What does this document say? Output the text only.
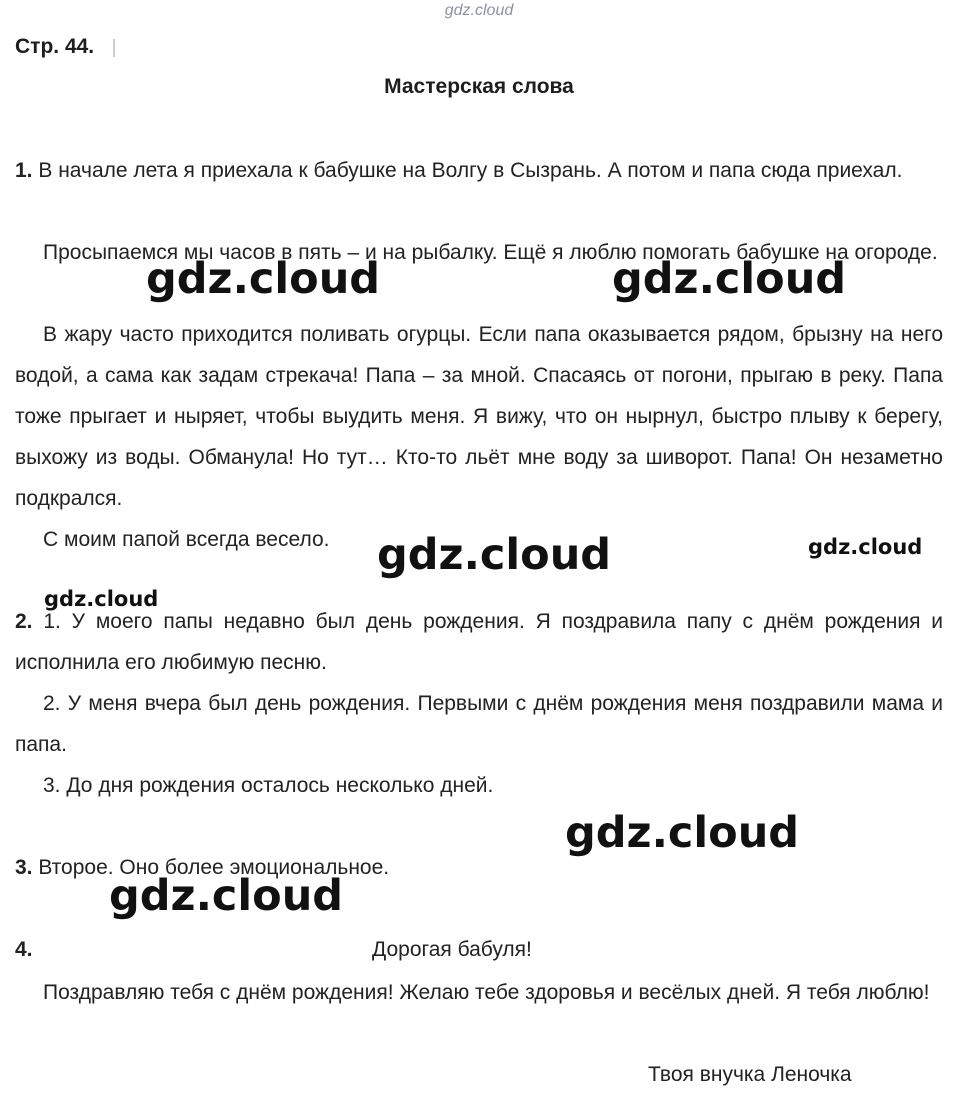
gdz.cloud
Стр. 44.
Мастерская слова
1. В начале лета я приехала к бабушке на Волгу в Сызрань. А потом и папа сюда приехал.
Просыпаемся мы часов в пять – и на рыбалку. Ещё я люблю помогать бабушке на огороде.
В жару часто приходится поливать огурцы. Если папа оказывается рядом, брызну на него водой, а сама как задам стрекача! Папа – за мной. Спасаясь от погони, прыгаю в реку. Папа тоже прыгает и ныряет, чтобы выудить меня. Я вижу, что он нырнул, быстро плыву к берегу, выхожу из воды. Обманула! Но тут… Кто-то льёт мне воду за шиворот. Папа! Он незаметно подкрался.
С моим папой всегда весело.
2. 1. У моего папы недавно был день рождения. Я поздравила папу с днём рождения и исполнила его любимую песню.
2. У меня вчера был день рождения. Первыми с днём рождения меня поздравили мама и папа.
3. До дня рождения осталось несколько дней.
3. Второе. Оно более эмоциональное.
4.	Дорогая бабуля!
Поздравляю тебя с днём рождения! Желаю тебе здоровья и весёлых дней. Я тебя люблю!
Твоя внучка Леночка
gdz.cloud	gdz.cloud
gdz.cloud	gdz.cloud
gdz.cloud
gdz.cloud
gdz.cloud
